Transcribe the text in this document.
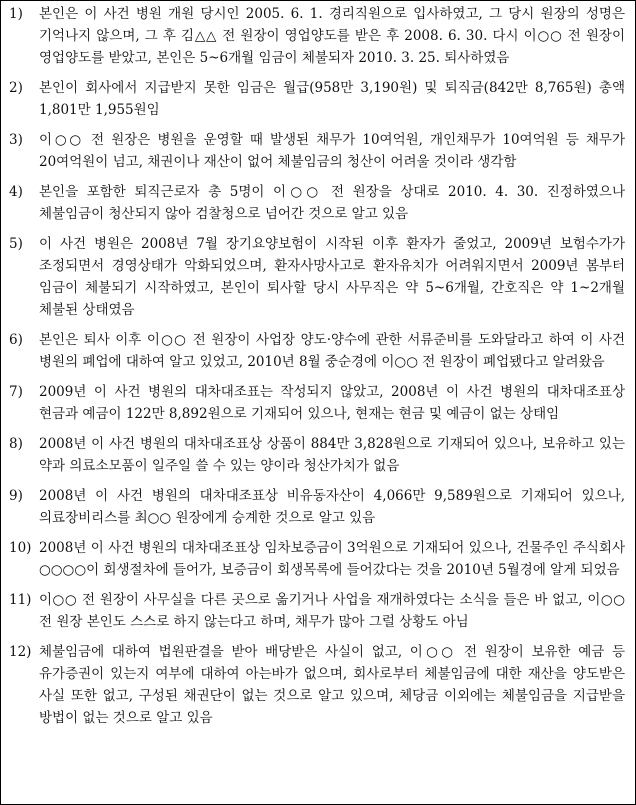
1)	본인은 이 사건 병원 개원 당시인 2005. 6. 1. 경리직원으로 입사하였고, 그 당시 원장의 성명은 기억나지 않으며, 그 후 김△△ 전 원장이 영업양도를 받은 후 2008. 6. 30. 다시 이○○ 전 원장이 영업양도를 받았고, 본인은 5~6개월 임금이 체불되자 2010. 3. 25. 퇴사하였음
2)	본인이 회사에서 지급받지 못한 임금은 월급(958만 3,190원) 및 퇴직금(842만 8,765원) 총액 1,801만 1,955원임
3)	이○○ 전 원장은 병원을 운영할 때 발생된 채무가 10여억원, 개인채무가 10여억원 등 채무가 20여억원이 넘고, 채권이나 재산이 없어 체불임금의 청산이 어려울 것이라 생각함
4)	본인을 포함한 퇴직근로자 총 5명이 이○○ 전 원장을 상대로 2010. 4. 30. 진정하였으나 체불임금이 청산되지 않아 검찰청으로 넘어간 것으로 알고 있음
5)	이 사건 병원은 2008년 7월 장기요양보험이 시작된 이후 환자가 줄었고, 2009년 보험수가가 조정되면서 경영상태가 악화되었으며, 환자사망사고로 환자유치가 어려워지면서 2009년 봄부터 임금이 체불되기 시작하였고, 본인이 퇴사할 당시 사무직은 약 5~6개월, 간호직은 약 1~2개월 체불된 상태였음
6)	본인은 퇴사 이후 이○○ 전 원장이 사업장 양도·양수에 관한 서류준비를 도와달라고 하여 이 사건 병원의 폐업에 대하여 알고 있었고, 2010년 8월 중순경에 이○○ 전 원장이 폐업됐다고 알려왔음
7)	2009년 이 사건 병원의 대차대조표는 작성되지 않았고, 2008년 이 사건 병원의 대차대조표상 현금과 예금이 122만 8,892원으로 기재되어 있으나, 현재는 현금 및 예금이 없는 상태임
8)	2008년 이 사건 병원의 대차대조표상 상품이 884만 3,828원으로 기재되어 있으나, 보유하고 있는 약과 의료소모품이 일주일 쓸 수 있는 양이라 청산가치가 없음
9)	2008년 이 사건 병원의 대차대조표상 비유동자산이 4,066만 9,589원으로 기재되어 있으나, 의료장비리스를 최○○ 원장에게 승계한 것으로 알고 있음
10) 2008년 이 사건 병원의 대차대조표상 임차보증금이 3억원으로 기재되어 있으나, 건물주인 주식회사 ○○○○이 회생절차에 들어가, 보증금이 회생목록에 들어갔다는 것을 2010년 5월경에 알게 되었음
11) 이○○ 전 원장이 사무실을 다른 곳으로 옮기거나 사업을 재개하였다는 소식을 들은 바 없고, 이○○ 전 원장 본인도 스스로 하지 않는다고 하며, 채무가 많아 그럴 상황도 아님
12) 체불임금에 대하여 법원판결을 받아 배당받은 사실이 없고, 이○○ 전 원장이 보유한 예금 등 유가증권이 있는지 여부에 대하여 아는바가 없으며, 회사로부터 체불임금에 대한 재산을 양도받은 사실 또한 없고, 구성된 채권단이 없는 것으로 알고 있으며, 체당금 이외에는 체불임금을 지급받을 방법이 없는 것으로 알고 있음
